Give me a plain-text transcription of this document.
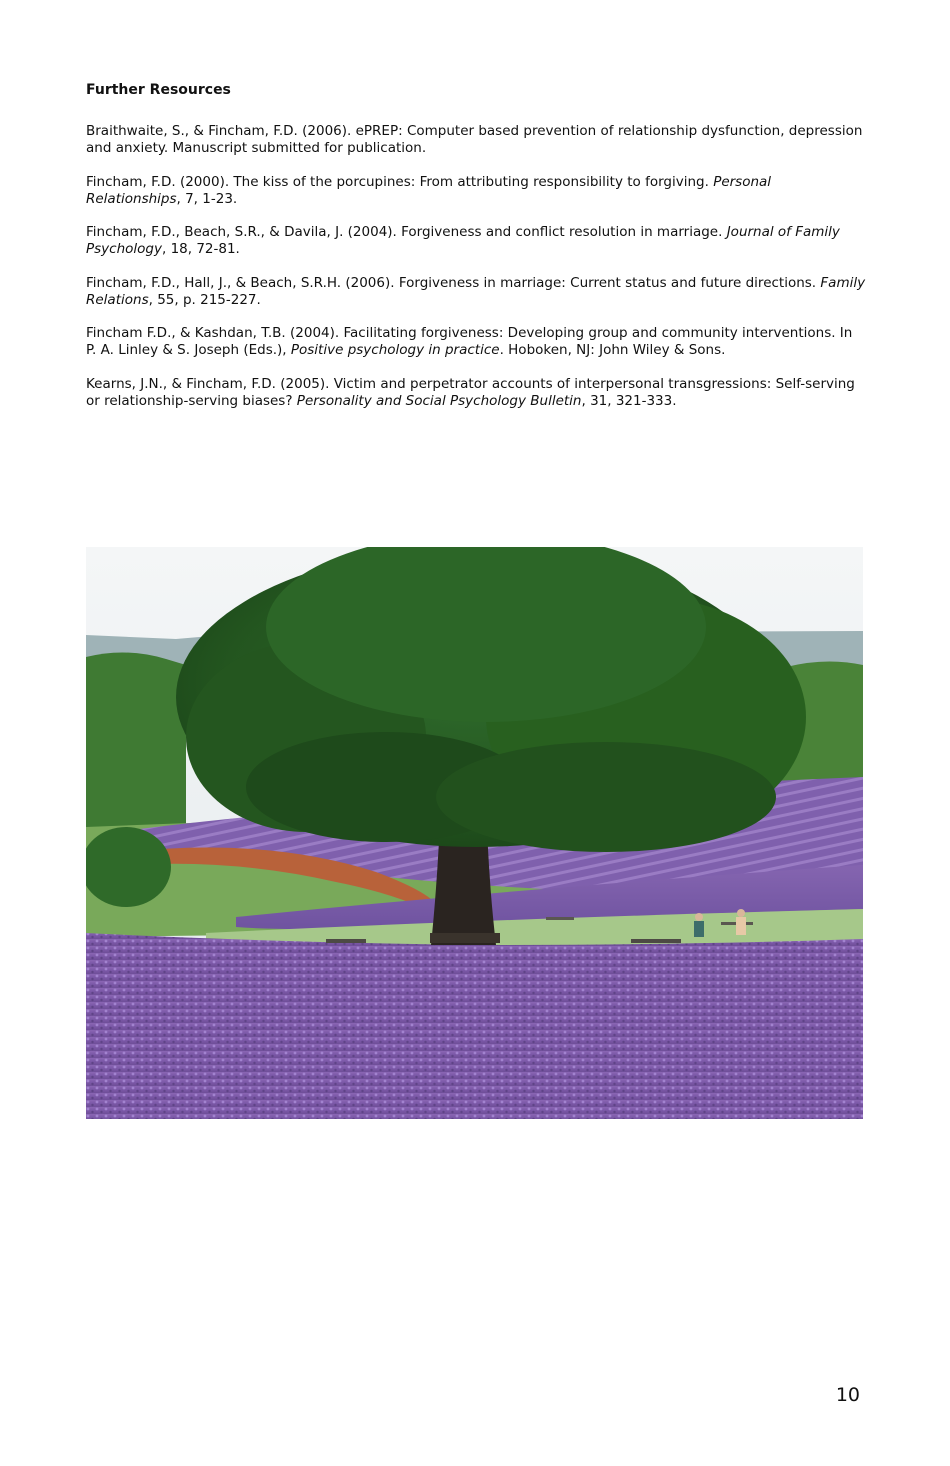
Further Resources

Braithwaite, S., & Fincham, F.D. (2006). ePREP: Computer based prevention of relationship dysfunction, depression and anxiety. Manuscript submitted for publication.

Fincham, F.D. (2000). The kiss of the porcupines: From attributing responsibility to forgiving. Personal Relationships, 7, 1-23.

Fincham, F.D., Beach, S.R., & Davila, J. (2004). Forgiveness and conflict resolution in marriage. Journal of Family Psychology, 18, 72-81.

Fincham, F.D., Hall, J., & Beach, S.R.H. (2006). Forgiveness in marriage: Current status and future directions. Family Relations, 55, p. 215-227.

Fincham F.D., & Kashdan, T.B. (2004). Facilitating forgiveness: Developing group and community interventions. In P. A. Linley & S. Joseph (Eds.), Positive psychology in practice. Hoboken, NJ: John Wiley & Sons.

Kearns, J.N., & Fincham, F.D. (2005). Victim and perpetrator accounts of interpersonal transgressions: Self-serving or relationship-serving biases? Personality and Social Psychology Bulletin, 31, 321-333.

10
